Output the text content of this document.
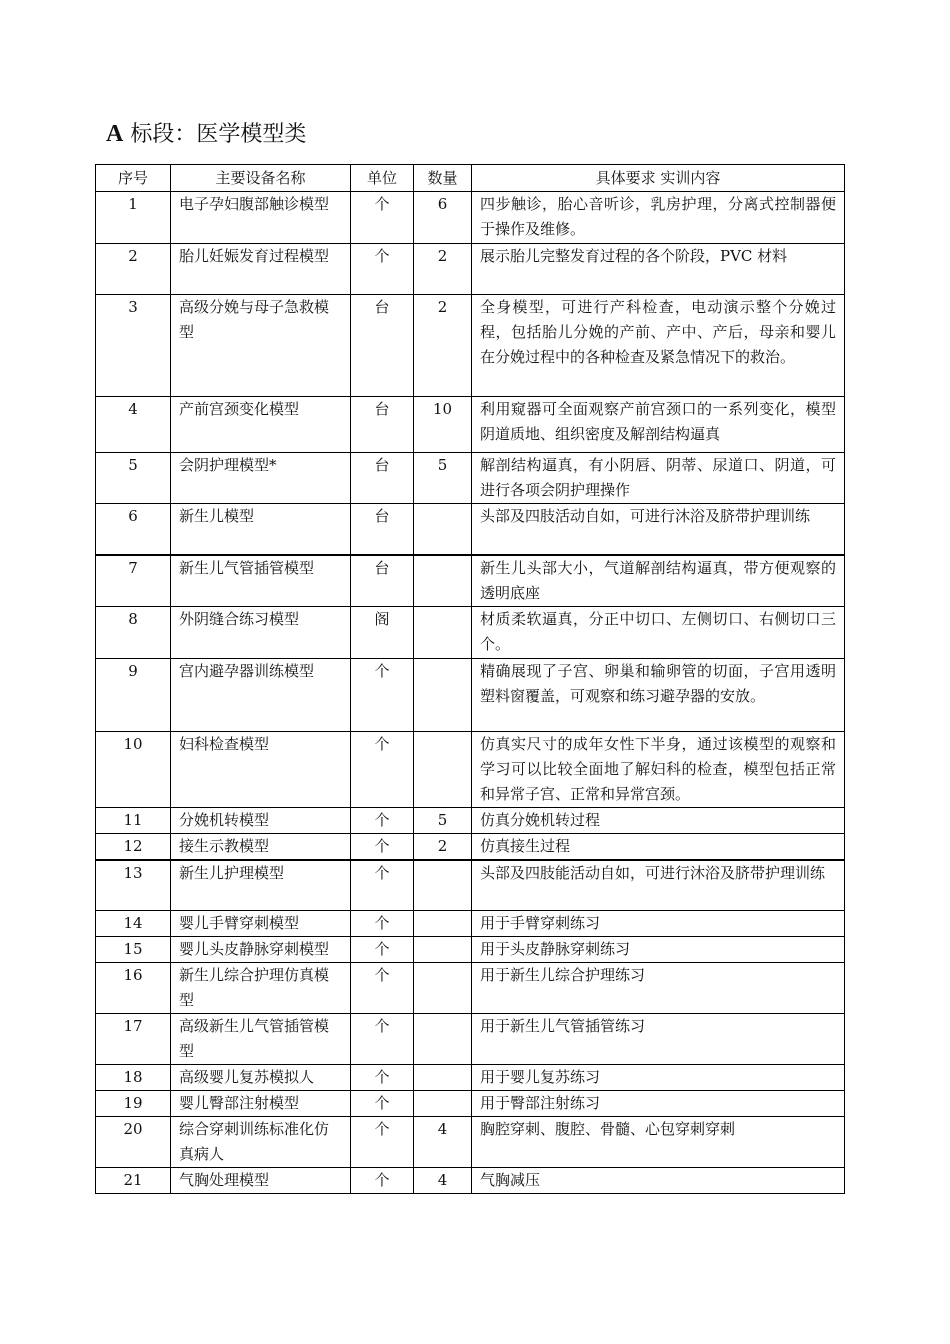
A 标段：医学模型类
序号	主要设备名称	单位	数量	具体要求 实训内容
1	电子孕妇腹部触诊模型	个	6	四步触诊，胎心音听诊，乳房护理，分离式控制器便于操作及维修。
2	胎儿妊娠发育过程模型	个	2	展示胎儿完整发育过程的各个阶段，PVC 材料
3	高级分娩与母子急救模型	台	2	全身模型，可进行产科检查，电动演示整个分娩过程，包括胎儿分娩的产前、产中、产后，母亲和婴儿在分娩过程中的各种检查及紧急情况下的救治。
4	产前宫颈变化模型	台	10	利用窥器可全面观察产前宫颈口的一系列变化，模型阴道质地、组织密度及解剖结构逼真
5	会阴护理模型*	台	5	解剖结构逼真，有小阴唇、阴蒂、尿道口、阴道，可进行各项会阴护理操作
6	新生儿模型	台		头部及四肢活动自如，可进行沐浴及脐带护理训练
7	新生儿气管插管模型	台		新生儿头部大小，气道解剖结构逼真，带方便观察的透明底座
8	外阴缝合练习模型	阁		材质柔软逼真，分正中切口、左侧切口、右侧切口三个。
9	宫内避孕器训练模型	个		精确展现了子宫、卵巢和输卵管的切面，子宫用透明塑料窗覆盖，可观察和练习避孕器的安放。
10	妇科检查模型	个		仿真实尺寸的成年女性下半身，通过该模型的观察和学习可以比较全面地了解妇科的检查，模型包括正常和异常子宫、正常和异常宫颈。
11	分娩机转模型	个	5	仿真分娩机转过程
12	接生示教模型	个	2	仿真接生过程
13	新生儿护理模型	个		头部及四肢能活动自如，可进行沐浴及脐带护理训练
14	婴儿手臂穿刺模型	个		用于手臂穿刺练习
15	婴儿头皮静脉穿刺模型	个		用于头皮静脉穿刺练习
16	新生儿综合护理仿真模型	个		用于新生儿综合护理练习
17	高级新生儿气管插管模型	个		用于新生儿气管插管练习
18	高级婴儿复苏模拟人	个		用于婴儿复苏练习
19	婴儿臀部注射模型	个		用于臀部注射练习
20	综合穿刺训练标准化仿真病人	个	4	胸腔穿刺、腹腔、骨髓、心包穿刺穿刺
21	气胸处理模型	个	4	气胸减压
